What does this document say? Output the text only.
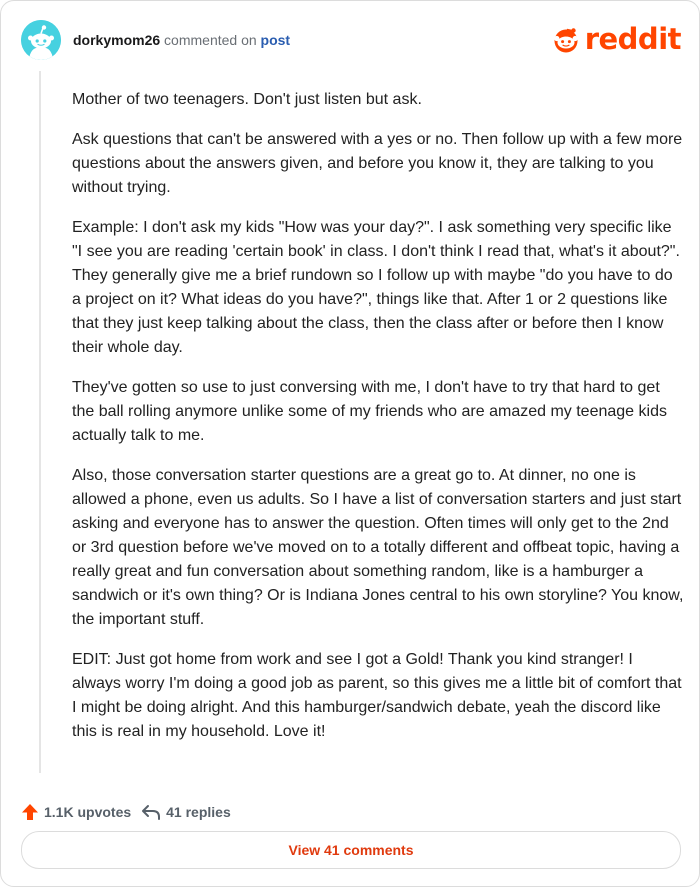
dorkymom26 commented on post	reddit

Mother of two teenagers. Don't just listen but ask.

Ask questions that can't be answered with a yes or no. Then follow up with a few more questions about the answers given, and before you know it, they are talking to you without trying.

Example: I don't ask my kids "How was your day?". I ask something very specific like "I see you are reading 'certain book' in class. I don't think I read that, what's it about?". They generally give me a brief rundown so I follow up with maybe "do you have to do a project on it? What ideas do you have?", things like that. After 1 or 2 questions like that they just keep talking about the class, then the class after or before then I know their whole day.

They've gotten so use to just conversing with me, I don't have to try that hard to get the ball rolling anymore unlike some of my friends who are amazed my teenage kids actually talk to me.

Also, those conversation starter questions are a great go to. At dinner, no one is allowed a phone, even us adults. So I have a list of conversation starters and just start asking and everyone has to answer the question. Often times will only get to the 2nd or 3rd question before we've moved on to a totally different and offbeat topic, having a really great and fun conversation about something random, like is a hamburger a sandwich or it's own thing? Or is Indiana Jones central to his own storyline? You know, the important stuff.

EDIT: Just got home from work and see I got a Gold! Thank you kind stranger! I always worry I'm doing a good job as parent, so this gives me a little bit of comfort that I might be doing alright. And this hamburger/sandwich debate, yeah the discord like this is real in my household. Love it!

1.1K upvotes	41 replies
View 41 comments
